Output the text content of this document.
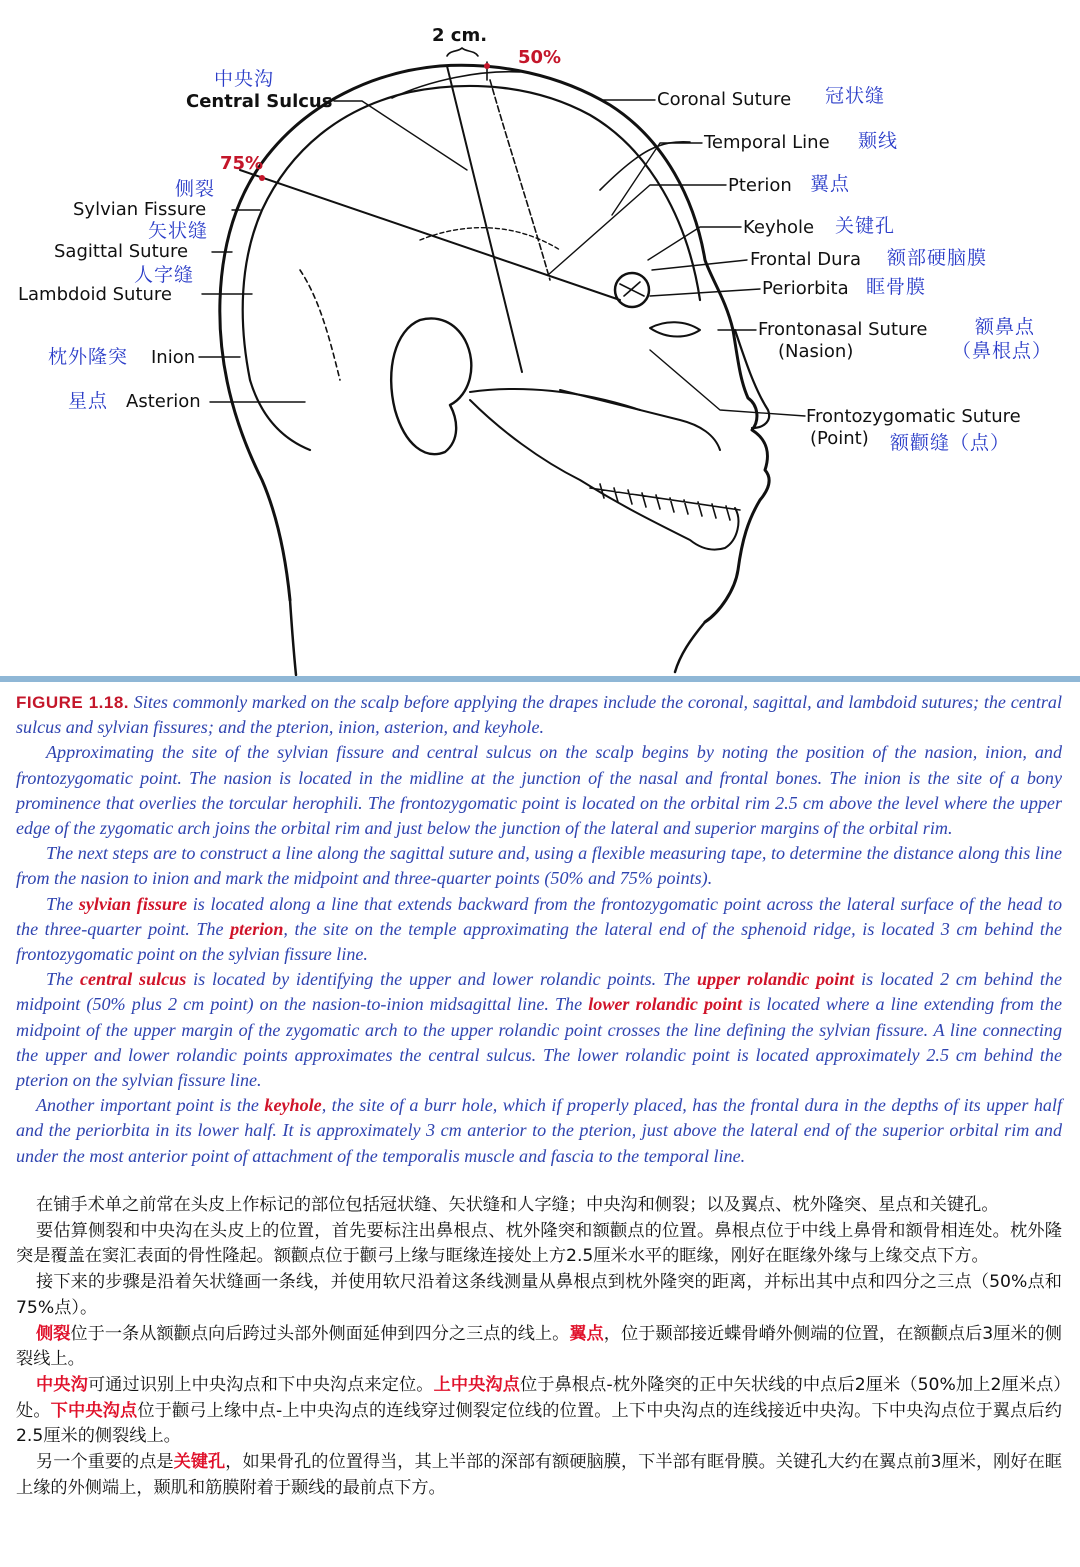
2 cm.
50%
75%
中央沟
Central Sulcus
侧裂
Sylvian Fissure
矢状缝
Sagittal Suture
人字缝
Lambdoid Suture
枕外隆突 Inion
星点 Asterion
Coronal Suture 冠状缝
Temporal Line 颞线
Pterion 翼点
Keyhole 关键孔
Frontal Dura 额部硬脑膜
Periorbita 眶骨膜
Frontonasal Suture	额鼻点
(Nasion)	（鼻根点）
Frontozygomatic Suture
(Point) 额颧缝（点）

FIGURE 1.18. Sites commonly marked on the scalp before applying the drapes include the coronal, sagittal, and lambdoid sutures; the central sulcus and sylvian fissures; and the pterion, inion, asterion, and keyhole.

Approximating the site of the sylvian fissure and central sulcus on the scalp begins by noting the position of the nasion, inion, and frontozygomatic point. The nasion is located in the midline at the junction of the nasal and frontal bones. The inion is the site of a bony prominence that overlies the torcular herophili. The frontozygomatic point is located on the orbital rim 2.5 cm above the level where the upper edge of the zygomatic arch joins the orbital rim and just below the junction of the lateral and superior margins of the orbital rim.

The next steps are to construct a line along the sagittal suture and, using a flexible measuring tape, to determine the distance along this line from the nasion to inion and mark the midpoint and three-quarter points (50% and 75% points).

The sylvian fissure is located along a line that extends backward from the frontozygomatic point across the lateral surface of the head to the three-quarter point. The pterion, the site on the temple approximating the lateral end of the sphenoid ridge, is located 3 cm behind the frontozygomatic point on the sylvian fissure line.

The central sulcus is located by identifying the upper and lower rolandic points. The upper rolandic point is located 2 cm behind the midpoint (50% plus 2 cm point) on the nasion-to-inion midsagittal line. The lower rolandic point is located where a line extending from the midpoint of the upper margin of the zygomatic arch to the upper rolandic point crosses the line defining the sylvian fissure. A line connecting the upper and lower rolandic points approximates the central sulcus. The lower rolandic point is located approximately 2.5 cm behind the pterion on the sylvian fissure line.

Another important point is the keyhole, the site of a burr hole, which if properly placed, has the frontal dura in the depths of its upper half and the periorbita in its lower half. It is approximately 3 cm anterior to the pterion, just above the lateral end of the superior orbital rim and under the most anterior point of attachment of the temporalis muscle and fascia to the temporal line.

在铺手术单之前常在头皮上作标记的部位包括冠状缝、矢状缝和人字缝；中央沟和侧裂；以及翼点、枕外隆突、星点和关键孔。

要估算侧裂和中央沟在头皮上的位置，首先要标注出鼻根点、枕外隆突和额颧点的位置。鼻根点位于中线上鼻骨和额骨相连处。枕外隆突是覆盖在窦汇表面的骨性隆起。额颧点位于颧弓上缘与眶缘连接处上方2.5厘米水平的眶缘，刚好在眶缘外缘与上缘交点下方。

接下来的步骤是沿着矢状缝画一条线，并使用软尺沿着这条线测量从鼻根点到枕外隆突的距离，并标出其中点和四分之三点（50%点和75%点）。

侧裂位于一条从额颧点向后跨过头部外侧面延伸到四分之三点的线上。翼点，位于颞部接近蝶骨嵴外侧端的位置，在额颧点后3厘米的侧裂线上。

中央沟可通过识别上中央沟点和下中央沟点来定位。上中央沟点位于鼻根点-枕外隆突的正中矢状线的中点后2厘米（50%加上2厘米点）处。下中央沟点位于颧弓上缘中点-上中央沟点的连线穿过侧裂定位线的位置。上下中央沟点的连线接近中央沟。下中央沟点位于翼点后约2.5厘米的侧裂线上。

另一个重要的点是关键孔，如果骨孔的位置得当，其上半部的深部有额硬脑膜，下半部有眶骨膜。关键孔大约在翼点前3厘米，刚好在眶上缘的外侧端上，颞肌和筋膜附着于颞线的最前点下方。
